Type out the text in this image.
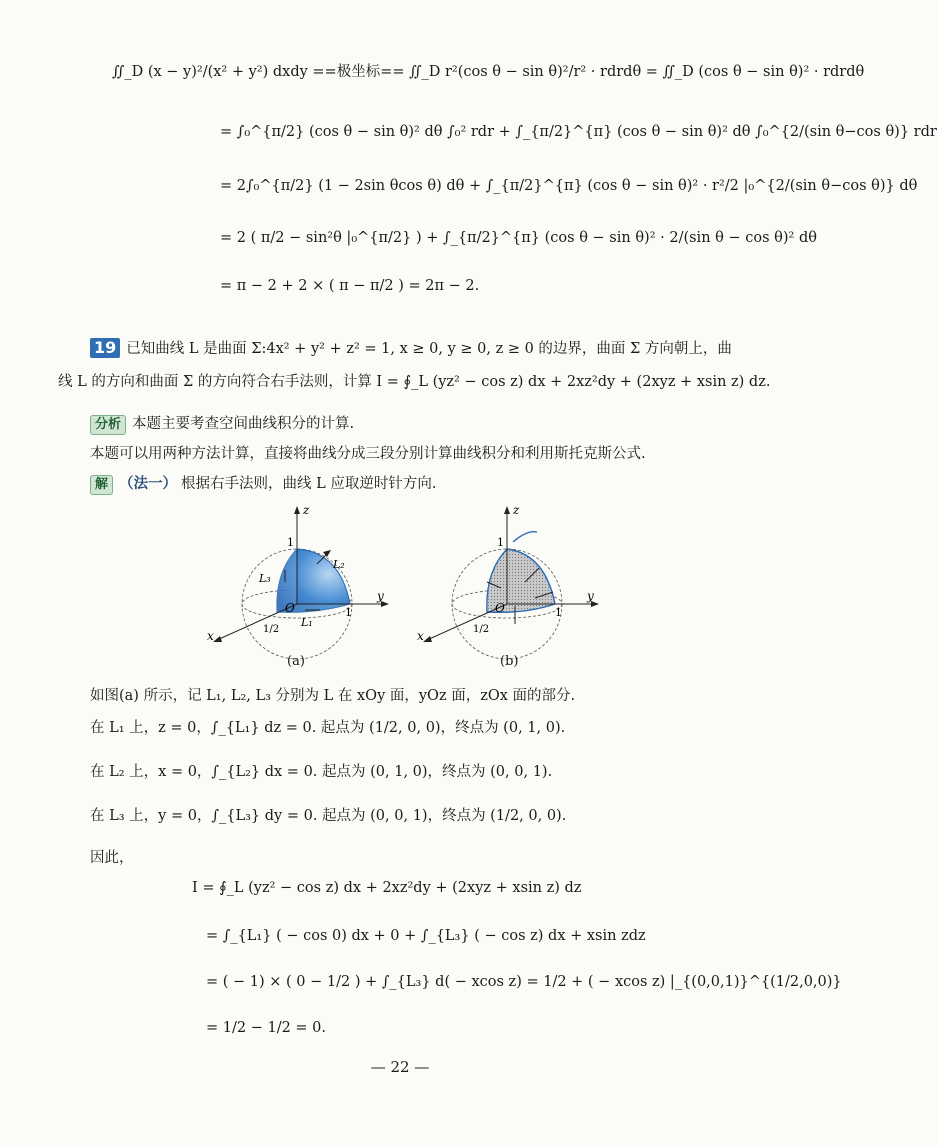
∬_D (x − y)²/(x² + y²) dxdy ==极坐标== ∬_D r²(cos θ − sin θ)²/r² · rdrdθ = ∬_D (cos θ − sin θ)² · rdrdθ
= ∫₀^{π/2} (cos θ − sin θ)² dθ ∫₀² rdr + ∫_{π/2}^{π} (cos θ − sin θ)² dθ ∫₀^{2/(sin θ−cos θ)} rdr
= 2∫₀^{π/2} (1 − 2sin θcos θ) dθ + ∫_{π/2}^{π} (cos θ − sin θ)² · r²/2 |₀^{2/(sin θ−cos θ)} dθ
= 2 ( π/2 − sin²θ |₀^{π/2} ) + ∫_{π/2}^{π} (cos θ − sin θ)² · 2/(sin θ − cos θ)² dθ
= π − 2 + 2 × ( π − π/2 ) = 2π − 2.
19 已知曲线 L 是曲面 Σ:4x² + y² + z² = 1, x ≥ 0, y ≥ 0, z ≥ 0 的边界，曲面 Σ 方向朝上，曲
线 L 的方向和曲面 Σ 的方向符合右手法则，计算 I = ∮_L (yz² − cos z) dx + 2xz²dy + (2xyz + xsin z) dz.
分析 本题主要考查空间曲线积分的计算.
本题可以用两种方法计算，直接将曲线分成三段分别计算曲线积分和利用斯托克斯公式.
解 （法一） 根据右手法则，曲线 L 应取逆时针方向.
z
y
x
O
1
1
1/2
L₁
L₂
L₃
(a)
z
y
x
O
1
1
1/2
(b)
如图(a) 所示，记 L₁, L₂, L₃ 分别为 L 在 xOy 面，yOz 面，zOx 面的部分.
在 L₁ 上，z = 0，∫_{L₁} dz = 0. 起点为 (1/2, 0, 0)，终点为 (0, 1, 0).
在 L₂ 上，x = 0，∫_{L₂} dx = 0. 起点为 (0, 1, 0)，终点为 (0, 0, 1).
在 L₃ 上，y = 0，∫_{L₃} dy = 0. 起点为 (0, 0, 1)，终点为 (1/2, 0, 0).
因此，
I = ∮_L (yz² − cos z) dx + 2xz²dy + (2xyz + xsin z) dz
= ∫_{L₁} ( − cos 0) dx + 0 + ∫_{L₃} ( − cos z) dx + xsin zdz
= ( − 1) × ( 0 − 1/2 ) + ∫_{L₃} d( − xcos z) = 1/2 + ( − xcos z) |_{(0,0,1)}^{(1/2,0,0)}
= 1/2 − 1/2 = 0.
— 22 —
